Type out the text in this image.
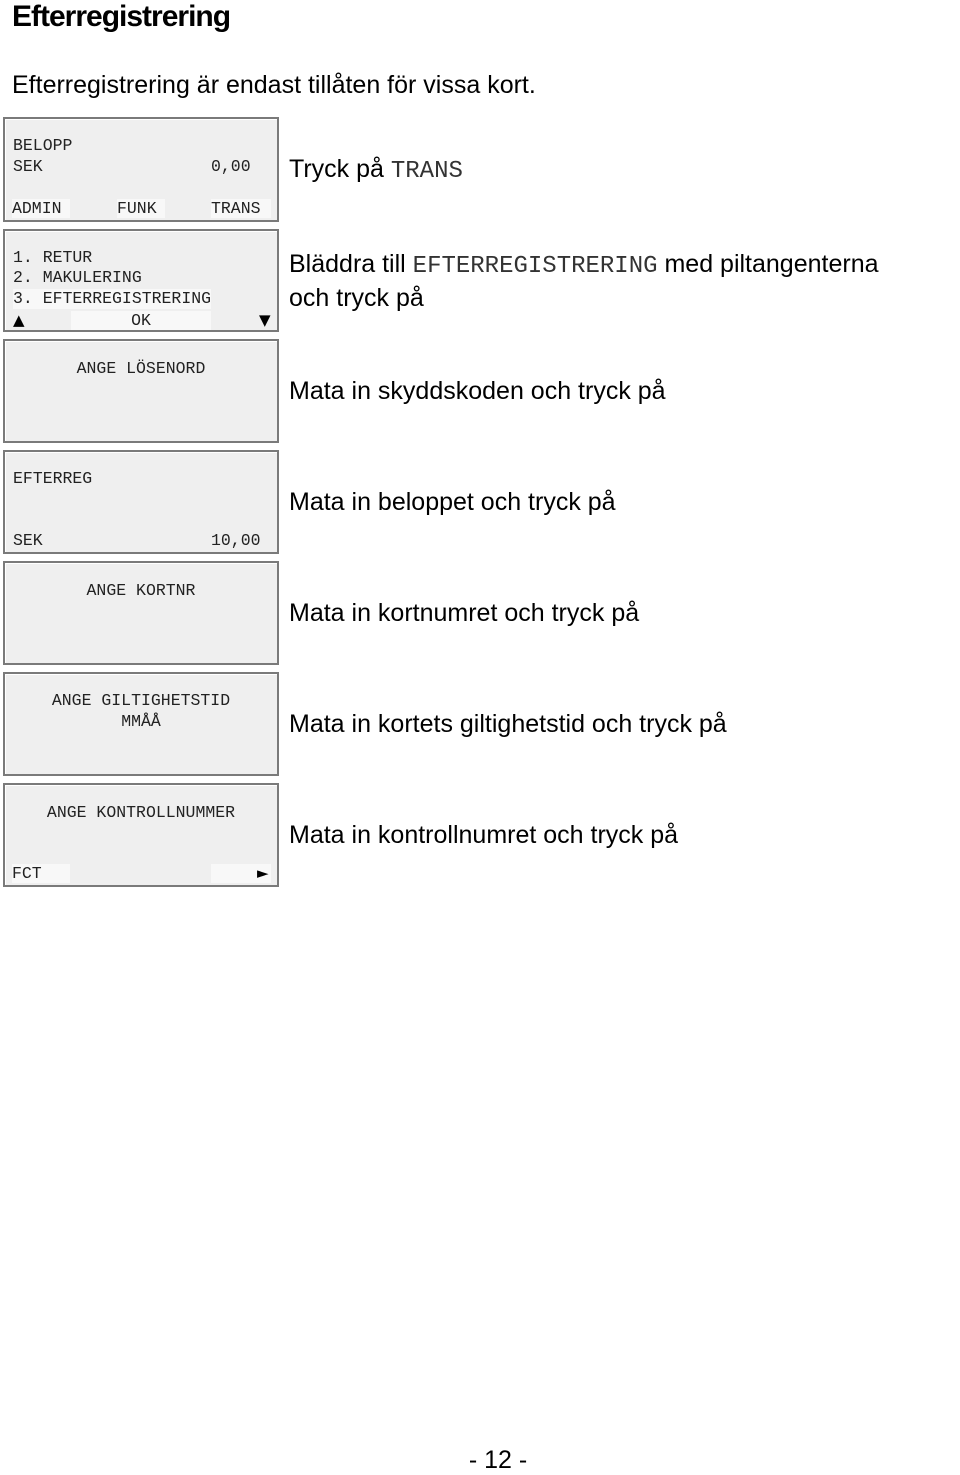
Efterregistrering
Efterregistrering är endast tillåten för vissa kort.
BELOPP
SEK	0,00
ADMIN	FUNK	TRANS
Tryck på TRANS
1. RETUR
2. MAKULERING
3. EFTERREGISTRERING
▲	OK	▼
Bläddra till EFTERREGISTRERING med piltangenterna
och tryck på
ANGE LÖSENORD
Mata in skyddskoden och tryck på
EFTERREG
SEK	10,00
Mata in beloppet och tryck på
ANGE KORTNR
Mata in kortnumret och tryck på
ANGE GILTIGHETSTID
MMÅÅ	Mata in kortets giltighetstid och tryck på
ANGE KONTROLLNUMMER
FCT	►
Mata in kontrollnumret och tryck på
- 12 -
